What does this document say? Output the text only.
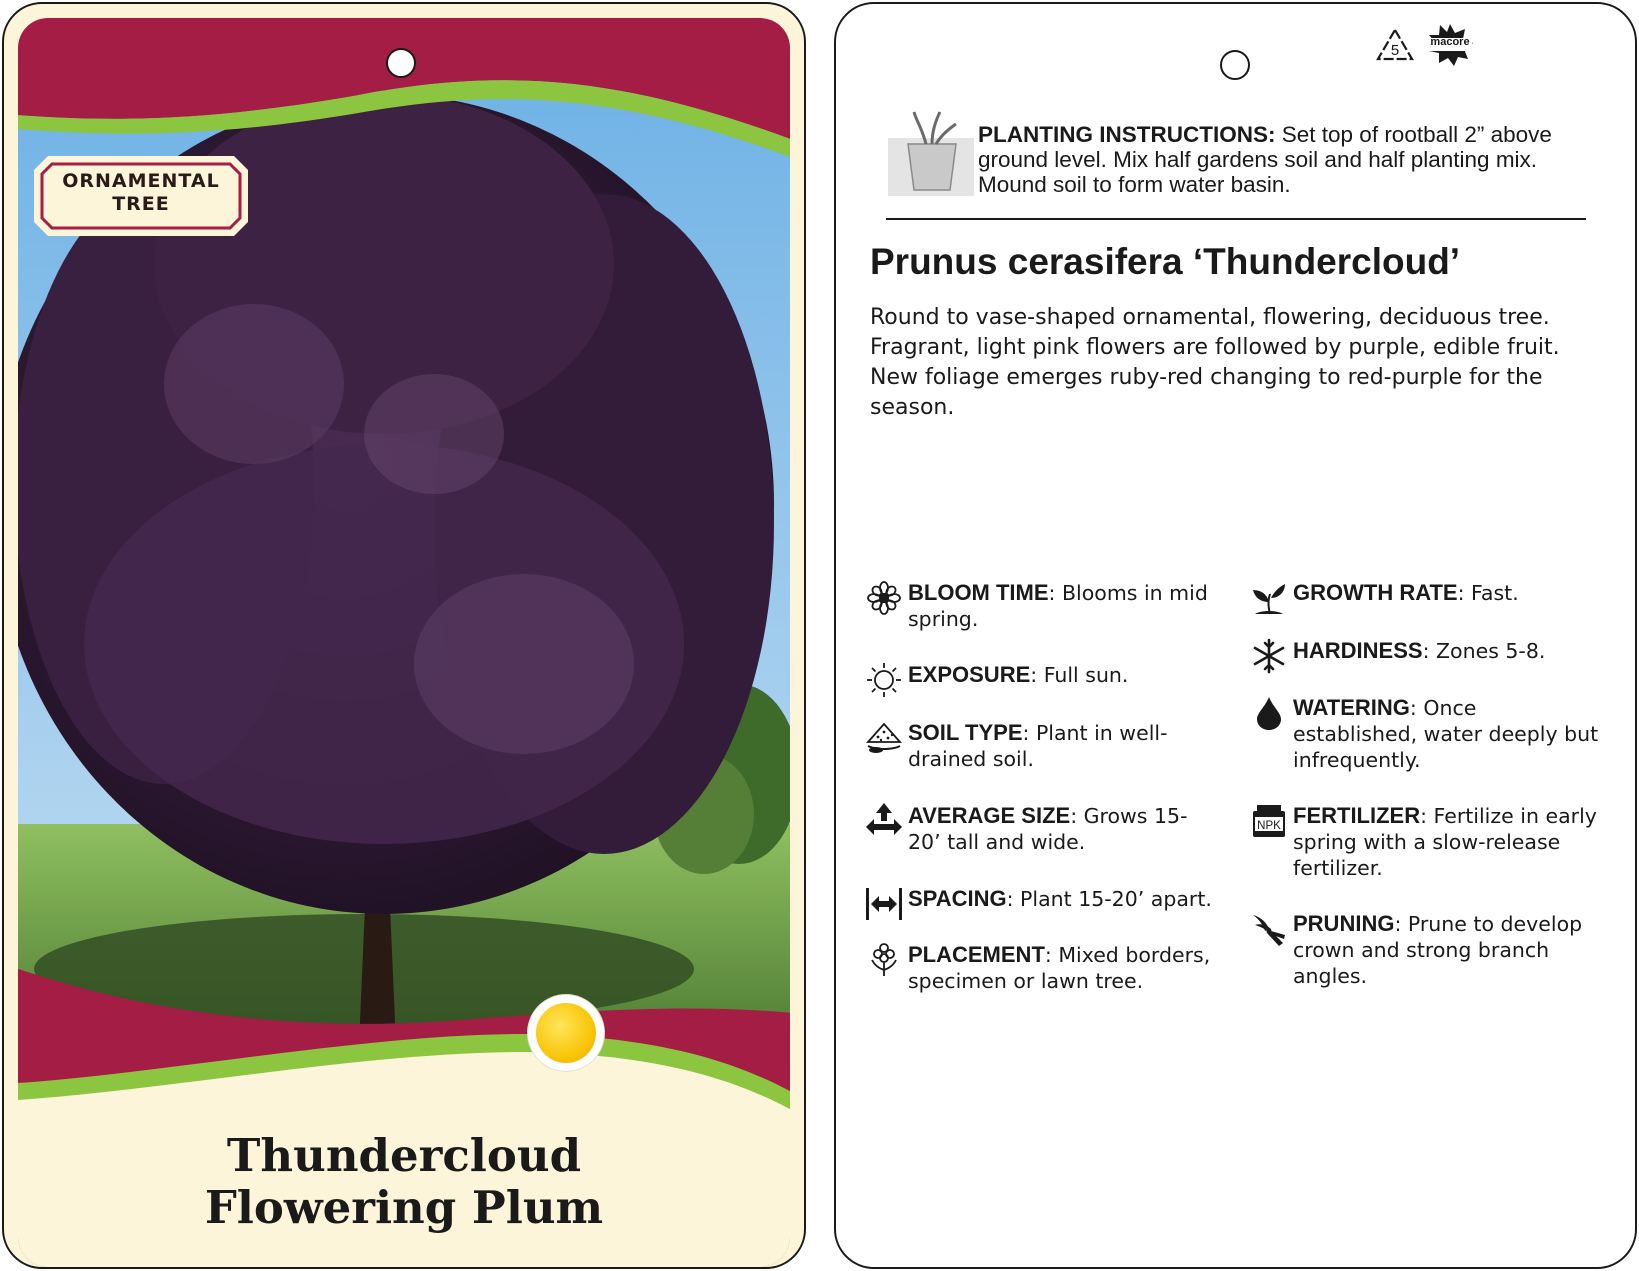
ORNAMENTAL
TREE
Thundercloud
Flowering Plum
5	macore
PLANTING INSTRUCTIONS: Set top of rootball 2” above ground level. Mix half gardens soil and half planting mix. Mound soil to form water basin.
Prunus cerasifera ‘Thundercloud’
Round to vase-shaped ornamental, flowering, deciduous tree. Fragrant, light pink flowers are followed by purple, edible fruit. New foliage emerges ruby-red changing to red-purple for the season.
BLOOM TIME: Blooms in mid spring.
EXPOSURE: Full sun.
SOIL TYPE: Plant in well-drained soil.
AVERAGE SIZE: Grows 15-20’ tall and wide.
SPACING: Plant 15-20’ apart.
PLACEMENT: Mixed borders, specimen or lawn tree.
GROWTH RATE: Fast.
HARDINESS: Zones 5-8.
WATERING: Once established, water deeply but infrequently.
NPK FERTILIZER: Fertilize in early spring with a slow-release fertilizer.
PRUNING: Prune to develop crown and strong branch angles.
